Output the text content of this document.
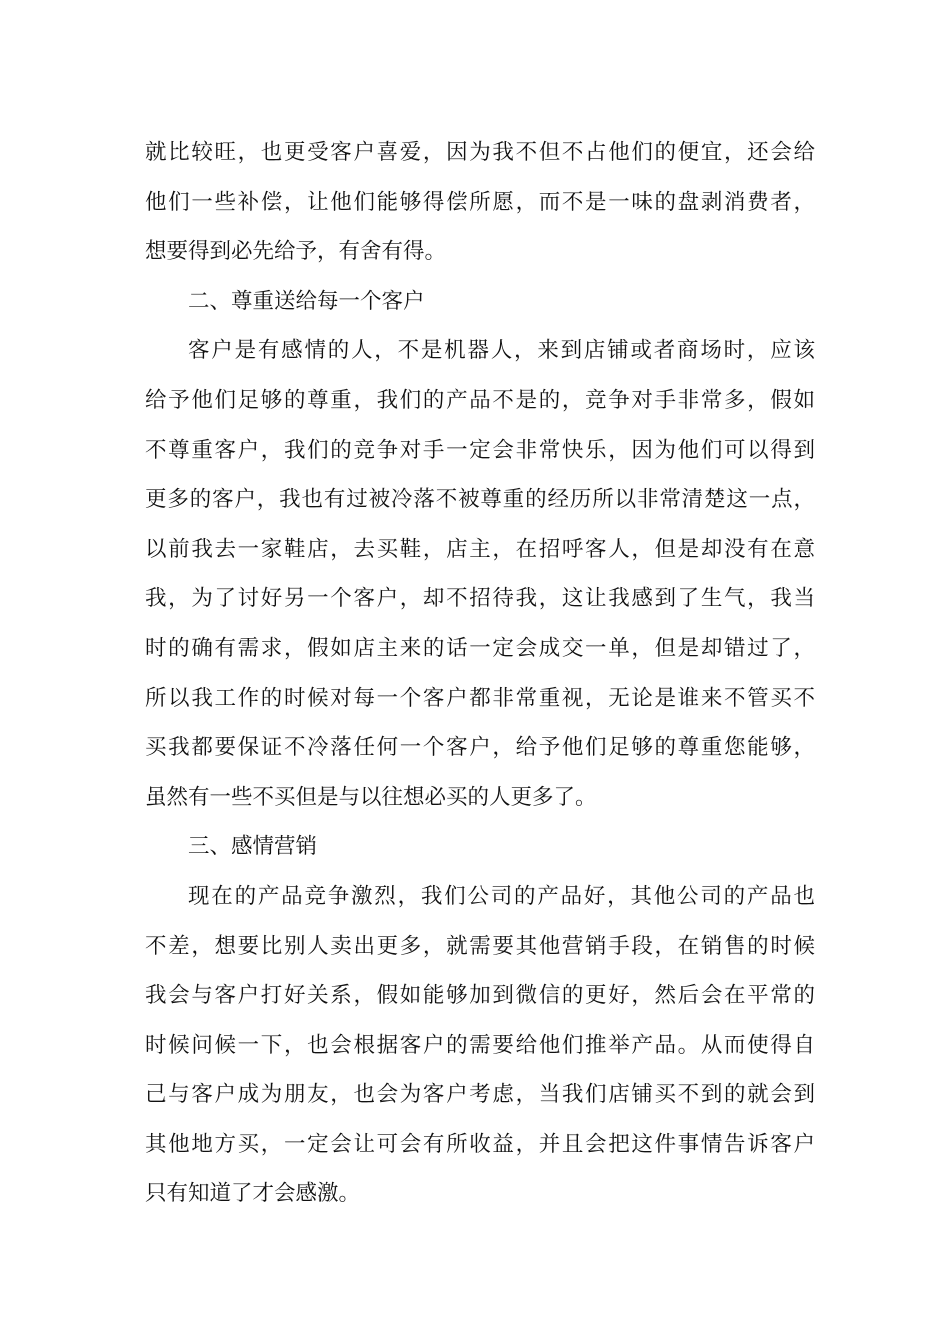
就比较旺，也更受客户喜爱，因为我不但不占他们的便宜，还会给
他们一些补偿，让他们能够得偿所愿，而不是一味的盘剥消费者，
想要得到必先给予，有舍有得。
二、尊重送给每一个客户
客户是有感情的人，不是机器人，来到店铺或者商场时，应该
给予他们足够的尊重，我们的产品不是的，竞争对手非常多，假如
不尊重客户，我们的竞争对手一定会非常快乐，因为他们可以得到
更多的客户，我也有过被冷落不被尊重的经历所以非常清楚这一点，
以前我去一家鞋店，去买鞋，店主，在招呼客人，但是却没有在意
我，为了讨好另一个客户，却不招待我，这让我感到了生气，我当
时的确有需求，假如店主来的话一定会成交一单，但是却错过了，
所以我工作的时候对每一个客户都非常重视，无论是谁来不管买不
买我都要保证不冷落任何一个客户，给予他们足够的尊重您能够，
虽然有一些不买但是与以往想必买的人更多了。
三、感情营销
现在的产品竞争激烈，我们公司的产品好，其他公司的产品也
不差，想要比别人卖出更多，就需要其他营销手段，在销售的时候
我会与客户打好关系，假如能够加到微信的更好，然后会在平常的
时候问候一下，也会根据客户的需要给他们推举产品。从而使得自
己与客户成为朋友，也会为客户考虑，当我们店铺买不到的就会到
其他地方买，一定会让可会有所收益，并且会把这件事情告诉客户
只有知道了才会感激。
